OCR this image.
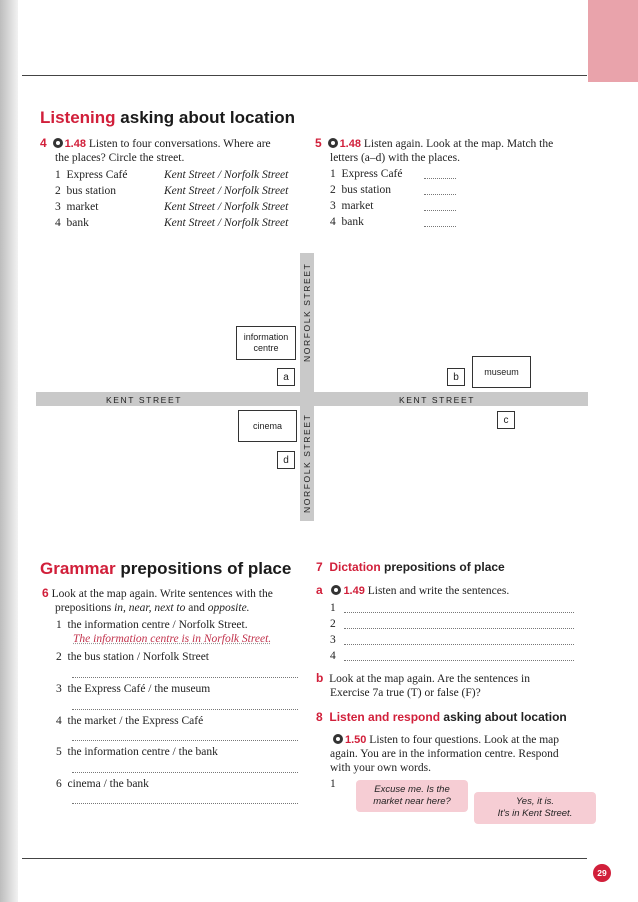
Listening asking about location
4 1.48 Listen to four conversations. Where are
the places? Circle the street.
1 Express Café	Kent Street / Norfolk Street
2 bus station	Kent Street / Norfolk Street
3 market	Kent Street / Norfolk Street
4 bank	Kent Street / Norfolk Street
5 1.48 Listen again. Look at the map. Match the
letters (a–d) with the places.
1 Express Café
2 bus station
3 market
4 bank
KENT STREET	KENT STREET
NORFOLK STREET
NORFOLK STREET
information
centre
a
cinema
d
museum
b
c
Grammar prepositions of place
6 Look at the map again. Write sentences with the
prepositions in, near, next to and opposite.
1 the information centre / Norfolk Street.
The information centre is in Norfolk Street.
2 the bus station / Norfolk Street
3 the Express Café / the museum
4 the market / the Express Café
5 the information centre / the bank
6 cinema / the bank
7 Dictation prepositions of place
a 1.49 Listen and write the sentences.
1
2
3
4
b Look at the map again. Are the sentences in
Exercise 7a true (T) or false (F)?
8 Listen and respond asking about location
1.50 Listen to four questions. Look at the map
again. You are in the information centre. Respond
with your own words.
1	Excuse me. Is the
market near here?	Yes, it is.
It's in Kent Street.
29
